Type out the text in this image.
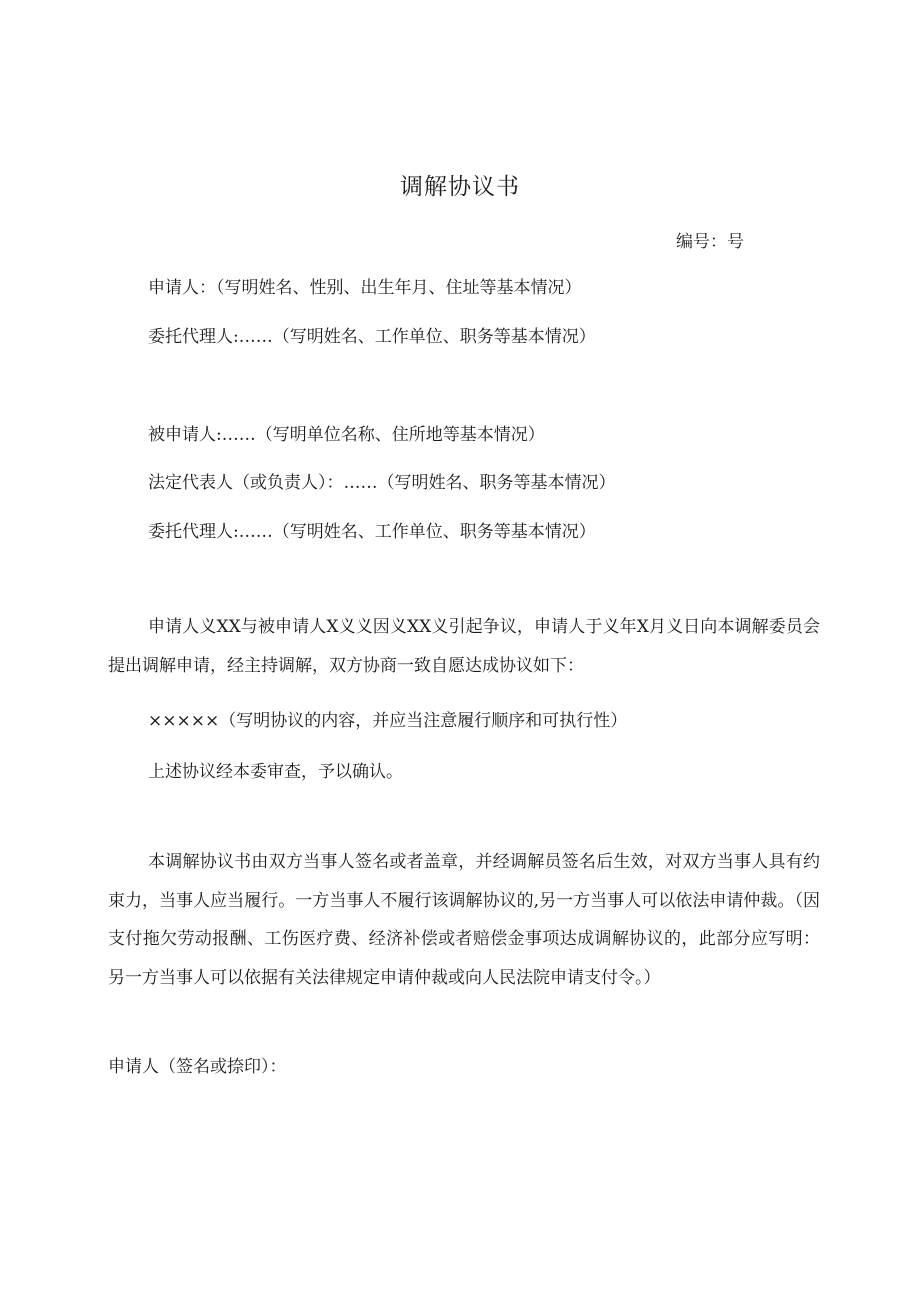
调解协议书
编号：号

申请人：（写明姓名、性别、出生年月、住址等基本情况）

委托代理人:……（写明姓名、工作单位、职务等基本情况）

被申请人:……（写明单位名称、住所地等基本情况）

法定代表人（或负责人）：……（写明姓名、职务等基本情况）

委托代理人:……（写明姓名、工作单位、职务等基本情况）

申请人义XX与被申请人X义义因义XX义引起争议，申请人于义年X月义日向本调解委员会提出调解申请，经主持调解，双方协商一致自愿达成协议如下：

×××××（写明协议的内容，并应当注意履行顺序和可执行性）

上述协议经本委审查，予以确认。

本调解协议书由双方当事人签名或者盖章，并经调解员签名后生效，对双方当事人具有约束力，当事人应当履行。一方当事人不履行该调解协议的,另一方当事人可以依法申请仲裁。（因支付拖欠劳动报酬、工伤医疗费、经济补偿或者赔偿金事项达成调解协议的，此部分应写明：另一方当事人可以依据有关法律规定申请仲裁或向人民法院申请支付令。）

申请人（签名或捺印）：
